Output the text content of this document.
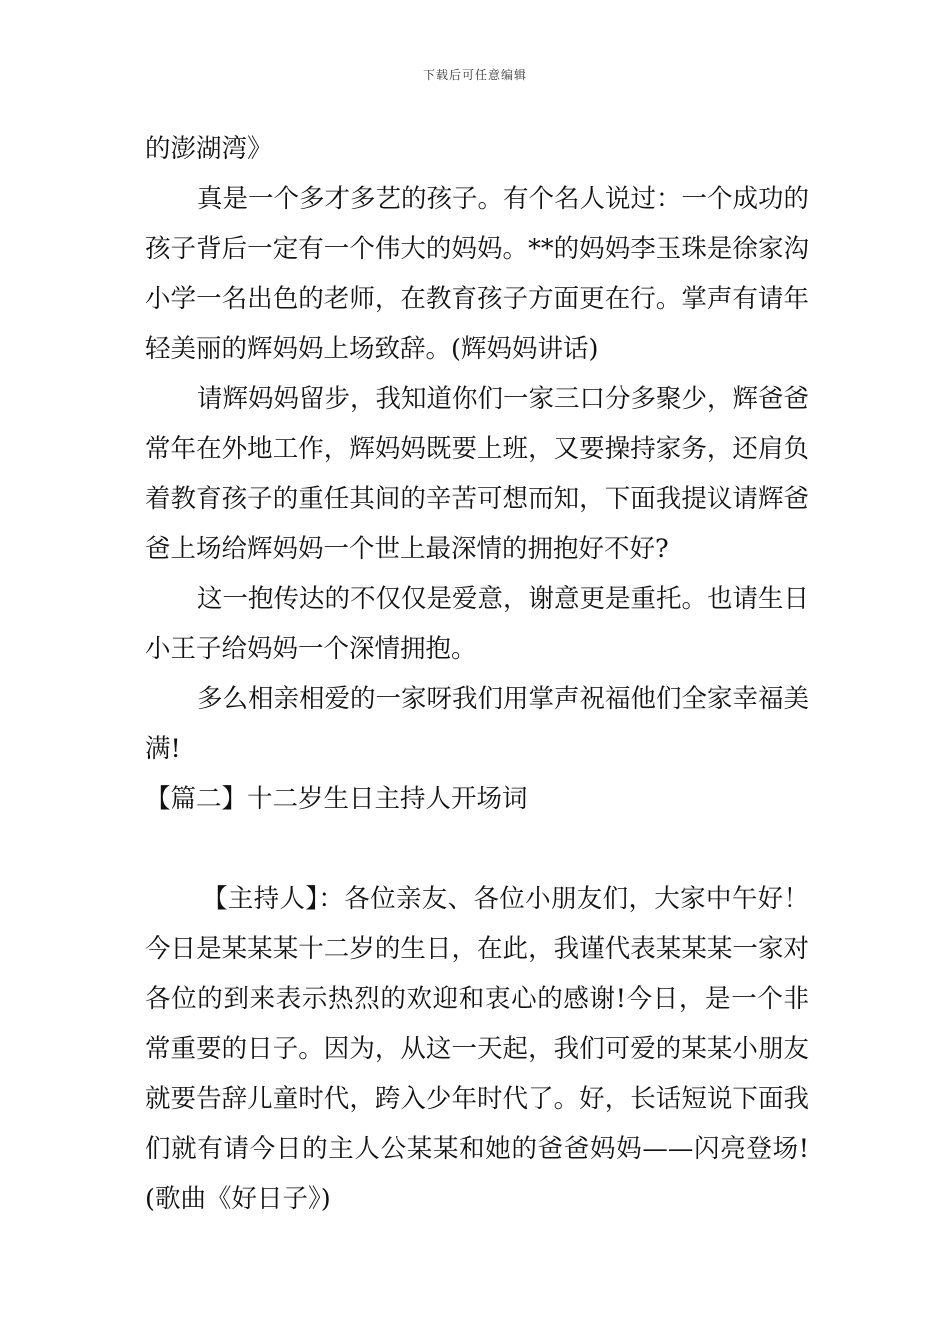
下载后可任意编辑

的澎湖湾》

真是一个多才多艺的孩子。有个名人说过：一个成功的孩子背后一定有一个伟大的妈妈。**的妈妈李玉珠是徐家沟小学一名出色的老师，在教育孩子方面更在行。掌声有请年轻美丽的辉妈妈上场致辞。(辉妈妈讲话)

请辉妈妈留步，我知道你们一家三口分多聚少，辉爸爸常年在外地工作，辉妈妈既要上班，又要操持家务，还肩负着教育孩子的重任其间的辛苦可想而知，下面我提议请辉爸爸上场给辉妈妈一个世上最深情的拥抱好不好?

这一抱传达的不仅仅是爱意，谢意更是重托。也请生日小王子给妈妈一个深情拥抱。

多么相亲相爱的一家呀我们用掌声祝福他们全家幸福美满!

【篇二】十二岁生日主持人开场词

【主持人】：各位亲友、各位小朋友们，大家中午好！今日是某某某十二岁的生日，在此，我谨代表某某某一家对各位的到来表示热烈的欢迎和衷心的感谢!今日，是一个非常重要的日子。因为，从这一天起，我们可爱的某某小朋友就要告辞儿童时代，跨入少年时代了。好，长话短说下面我们就有请今日的主人公某某和她的爸爸妈妈——闪亮登场!(歌曲《好日子》)
